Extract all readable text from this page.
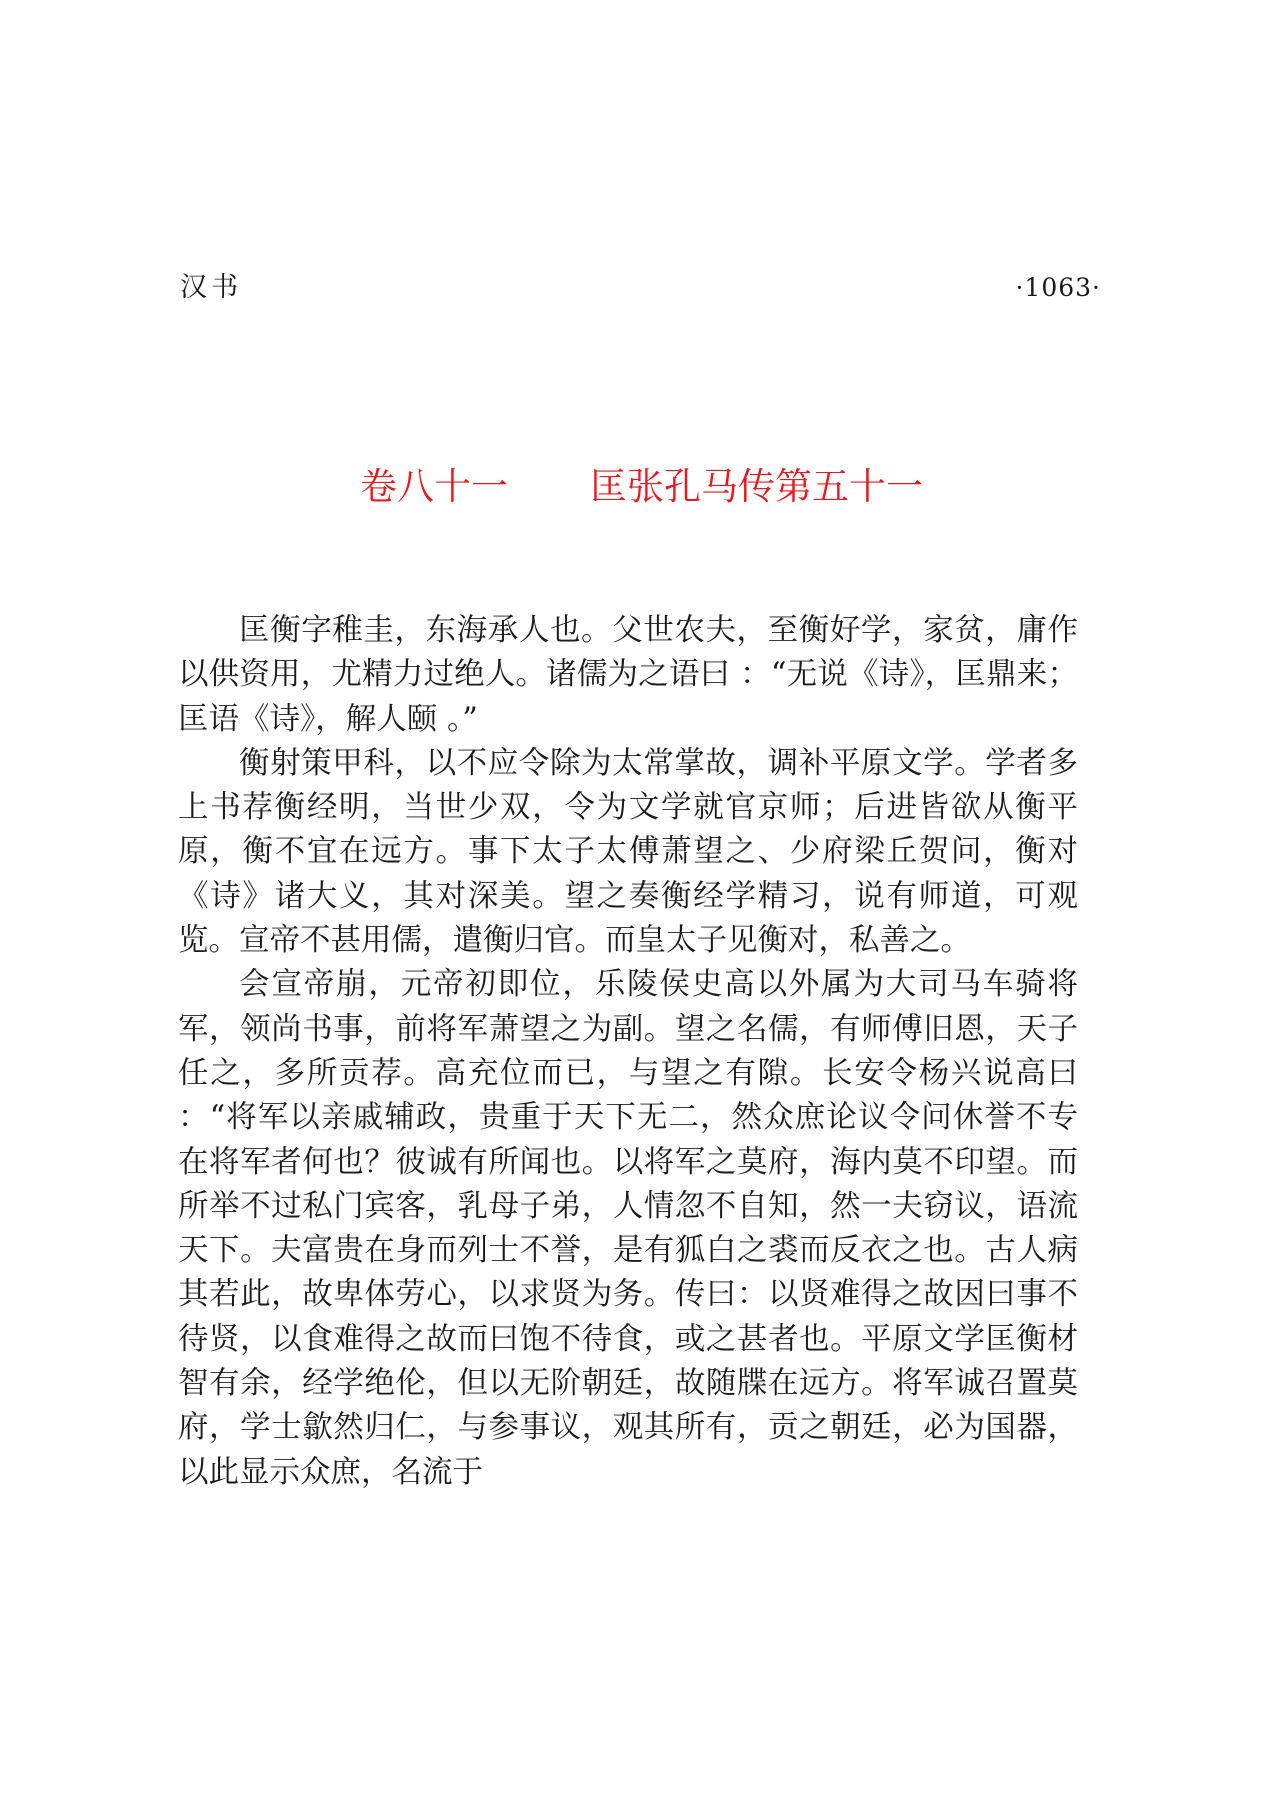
汉书	·1063·
卷八十一 匡张孔马传第五十一

匡衡字稚圭，东海承人也。父世农夫，至衡好学，家贫，庸作以供资用，尤精力过绝人。诸儒为之语曰 ：“无说《诗》，匡鼎来；匡语《诗》，解人颐 。”

衡射策甲科，以不应令除为太常掌故，调补平原文学。学者多上书荐衡经明，当世少双，令为文学就官京师；后进皆欲从衡平原，衡不宜在远方。事下太子太傅萧望之、少府梁丘贺问，衡对《诗》诸大义，其对深美。望之奏衡经学精习，说有师道，可观览。宣帝不甚用儒，遣衡归官。而皇太子见衡对，私善之。

会宣帝崩，元帝初即位，乐陵侯史高以外属为大司马车骑将军，领尚书事，前将军萧望之为副。望之名儒，有师傅旧恩，天子任之，多所贡荐。高充位而已，与望之有隙。长安令杨兴说高曰 ：“将军以亲戚辅政，贵重于天下无二，然众庶论议令问休誉不专在将军者何也？彼诚有所闻也。以将军之莫府，海内莫不印望。而所举不过私门宾客，乳母子弟，人情忽不自知，然一夫窃议，语流天下。夫富贵在身而列士不誉，是有狐白之裘而反衣之也。古人病其若此，故卑体劳心，以求贤为务。传曰：以贤难得之故因曰事不待贤，以食难得之故而曰饱不待食，或之甚者也。平原文学匡衡材智有余，经学绝伦，但以无阶朝廷，故随牒在远方。将军诚召置莫府，学士歙然归仁，与参事议，观其所有，贡之朝廷，必为国器，以此显示众庶，名流于
